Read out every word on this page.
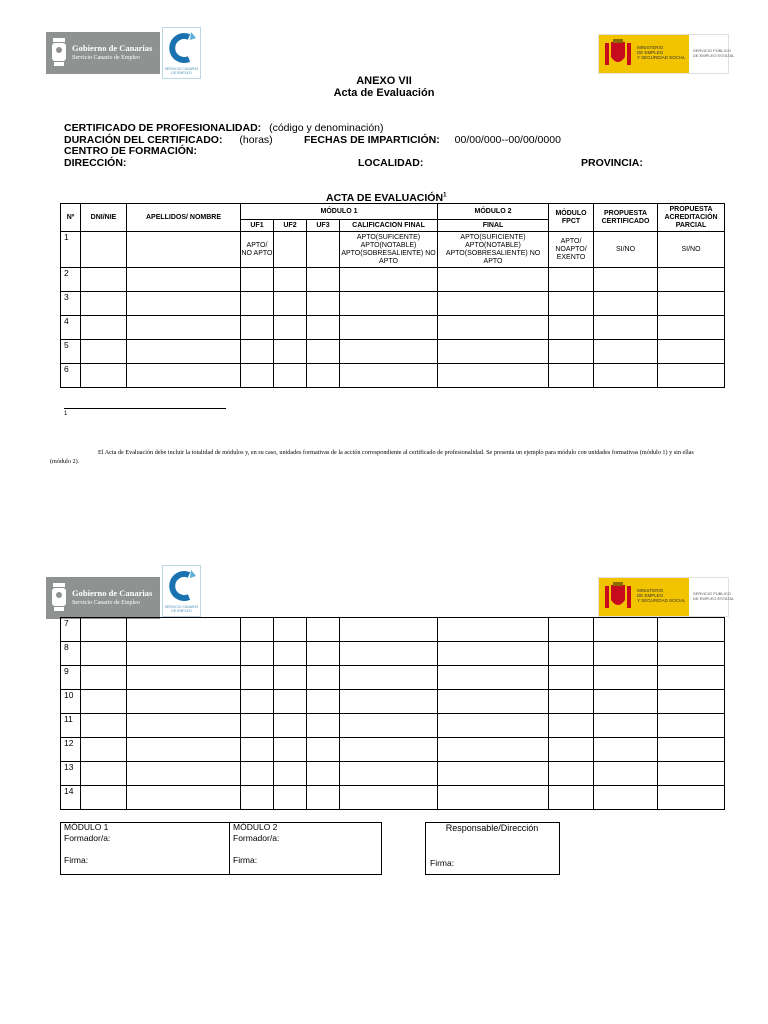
Gobierno de Canarias
Servicio Canario de Empleo
SERVICIO CANARIO DE EMPLEO
MINISTERIO
DE EMPLEO
Y SEGURIDAD SOCIAL
SERVICIO PÚBLICO
DE EMPLEO ESTATAL
ANEXO VII
Acta de Evaluación
CERTIFICADO DE PROFESIONALIDAD: (código y denominación)
DURACIÓN DEL CERTIFICADO: (horas)	FECHAS DE IMPARTICIÓN: 00/00/000--00/00/0000
CENTRO DE FORMACIÓN:
DIRECCIÓN:	LOCALIDAD:	PROVINCIA:
ACTA DE EVALUACIÓN$^1$
Nº	DNI/NIE	APELLIDOS/ NOMBRE	MÓDULO 1				MÓDULO 2	MÓDULO FPCT	PROPUESTA CERTIFICADO	PROPUESTA ACREDITACIÓN PARCIAL
			UF1	UF2	UF3	CALIFICACION FINAL	FINAL			
1			APTO/ NO APTO			APTO(SUFICENTE) APTO(NOTABLE) APTO(SOBRESALIENTE) NO APTO	APTO(SUFICIENTE) APTO(NOTABLE) APTO(SOBRESALIENTE) NO APTO	APTO/ NOAPTO/ EXENTO	SI/NO	SI/NO
2										
3										
4										
5										
6										
1
El Acta de Evaluación debe incluir la totalidad de módulos y, en su caso, unidades formativas de la acción correspondiente al certificado de profesionalidad. Se presenta un ejemplo para módulo con unidades formativas (módulo 1) y sin ellas (módulo 2).
Gobierno de Canarias
Servicio Canario de Empleo
SERVICIO CANARIO DE EMPLEO
MINISTERIO
DE EMPLEO
Y SEGURIDAD SOCIAL
SERVICIO PÚBLICO
DE EMPLEO ESTATAL
7										
8										
9										
10										
11										
12										
13										
14										
MÓDULO 1
Formador/a:
Firma:
MÓDULO 2
Formador/a:
Firma:
Responsable/Dirección
Firma:
